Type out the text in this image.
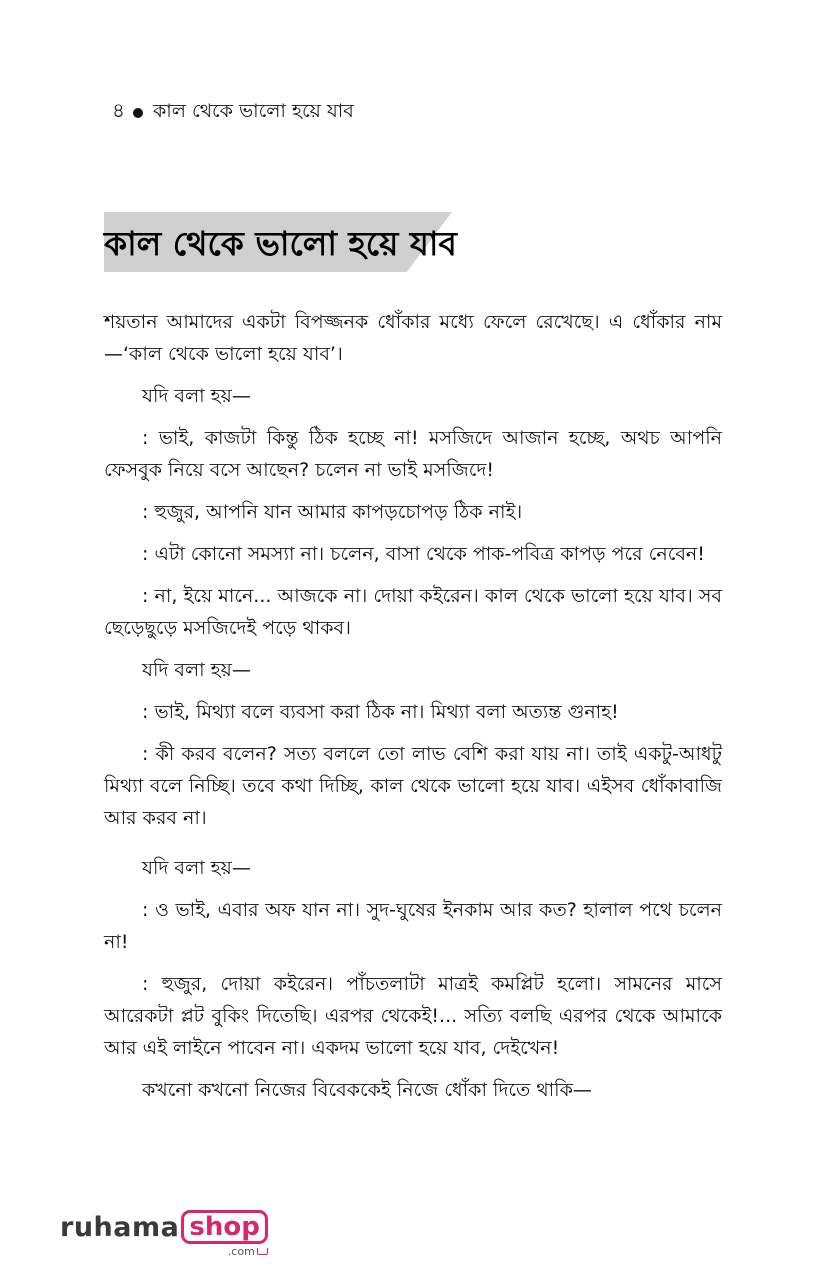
৪ কাল থেকে ভালো হয়ে যাব
কাল থেকে ভালো হয়ে যাব

শয়তান আমাদের একটা বিপজ্জনক ধোঁকার মধ্যে ফেলে রেখেছে। এ ধোঁকার নাম—‘কাল থেকে ভালো হয়ে যাব’।

যদি বলা হয়—

: ভাই, কাজটা কিন্তু ঠিক হচ্ছে না! মসজিদে আজান হচ্ছে, অথচ আপনি ফেসবুক নিয়ে বসে আছেন? চলেন না ভাই মসজিদে!

: হুজুর, আপনি যান আমার কাপড়চোপড় ঠিক নাই।

: এটা কোনো সমস্যা না। চলেন, বাসা থেকে পাক-পবিত্র কাপড় পরে নেবেন!

: না, ইয়ে মানে... আজকে না। দোয়া কইরেন। কাল থেকে ভালো হয়ে যাব। সব ছেড়েছুড়ে মসজিদেই পড়ে থাকব।

যদি বলা হয়—

: ভাই, মিথ্যা বলে ব্যবসা করা ঠিক না। মিথ্যা বলা অত্যন্ত গুনাহ!

: কী করব বলেন? সত্য বললে তো লাভ বেশি করা যায় না। তাই একটু-আধটু মিথ্যা বলে নিচ্ছি। তবে কথা দিচ্ছি, কাল থেকে ভালো হয়ে যাব। এইসব ধোঁকাবাজি আর করব না।

যদি বলা হয়—

: ও ভাই, এবার অফ যান না। সুদ-ঘুষের ইনকাম আর কত? হালাল পথে চলেন না!

: হুজুর, দোয়া কইরেন। পাঁচতলাটা মাত্রই কমপ্লিট হলো। সামনের মাসে আরেকটা প্লট বুকিং দিতেছি। এরপর থেকেই!... সত্যি বলছি এরপর থেকে আমাকে আর এই লাইনে পাবেন না। একদম ভালো হয়ে যাব, দেইখেন!

কখনো কখনো নিজের বিবেককেই নিজে ধোঁকা দিতে থাকি—

ruhama shop
.com
